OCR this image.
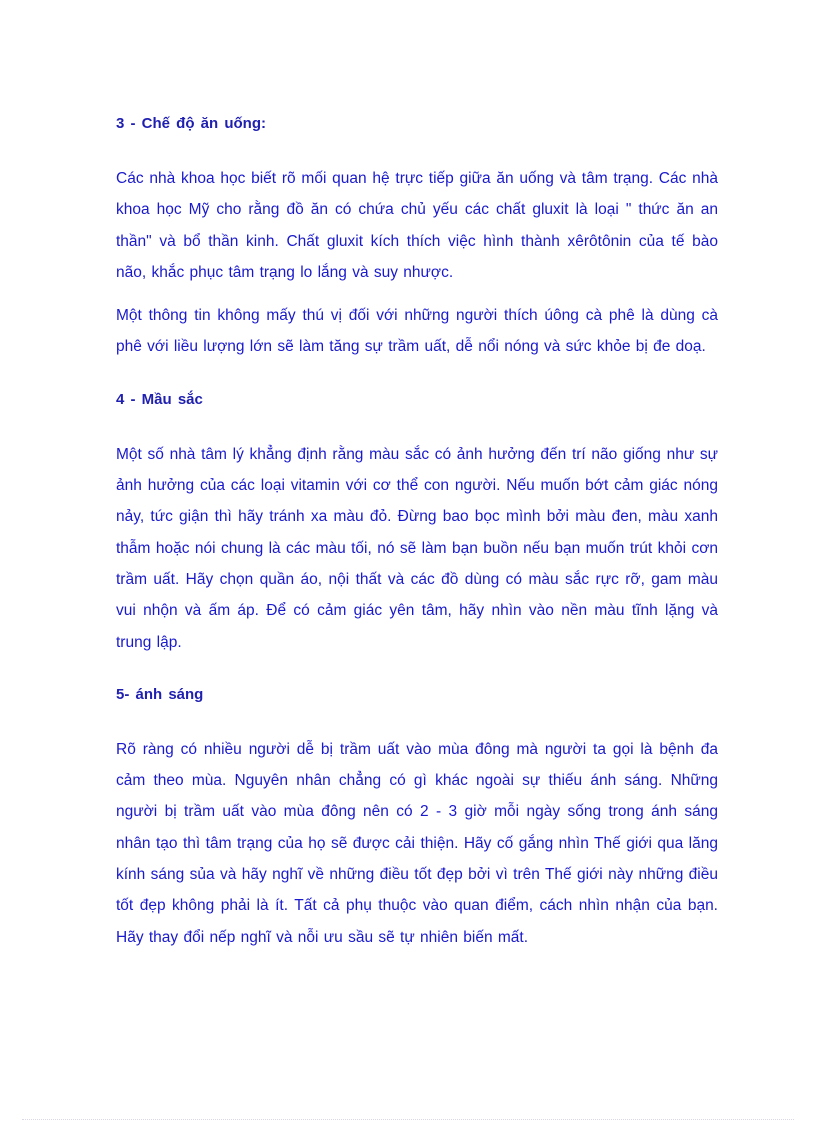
3 - Chế độ ăn uống:

Các nhà khoa học biết rõ mối quan hệ trực tiếp giữa ăn uống và tâm trạng. Các nhà khoa học Mỹ cho rằng đồ ăn có chứa chủ yếu các chất gluxit là loại " thức ăn an thần" và bổ thần kinh. Chất gluxit kích thích việc hình thành xêrôtônin của tế bào não, khắc phục tâm trạng lo lắng và suy nhược.

Một thông tin không mấy thú vị đối với những người thích úông cà phê là dùng cà phê với liều lượng lớn sẽ làm tăng sự trầm uất, dễ nổi nóng và sức khỏe bị đe doạ.

4 - Mầu sắc

Một số nhà tâm lý khẳng định rằng màu sắc có ảnh hưởng đến trí não giống như sự ảnh hưởng của các loại vitamin với cơ thể con người. Nếu muốn bớt cảm giác nóng nảy, tức giận thì hãy tránh xa màu đỏ. Đừng bao bọc mình bởi màu đen, màu xanh thẫm hoặc nói chung là các màu tối, nó sẽ làm bạn buồn nếu bạn muốn trút khỏi cơn trầm uất. Hãy chọn quần áo, nội thất và các đồ dùng có màu sắc rực rỡ, gam màu vui nhộn và ấm áp. Để có cảm giác yên tâm, hãy nhìn vào nền màu tĩnh lặng và trung lập.

5- ánh sáng

Rõ ràng có nhiều người dễ bị trầm uất vào mùa đông mà người ta gọi là bệnh đa cảm theo mùa. Nguyên nhân chẳng có gì khác ngoài sự thiếu ánh sáng. Những người bị trầm uất vào mùa đông nên có 2 - 3 giờ mỗi ngày sống trong ánh sáng nhân tạo thì tâm trạng của họ sẽ được cải thiện. Hãy cố gắng nhìn Thế giới qua lăng kính sáng sủa và hãy nghĩ về những điều tốt đẹp bởi vì trên Thế giới này những điều tốt đẹp không phải là ít. Tất cả phụ thuộc vào quan điểm, cách nhìn nhận của bạn. Hãy thay đổi nếp nghĩ và nỗi ưu sầu sẽ tự nhiên biến mất.
